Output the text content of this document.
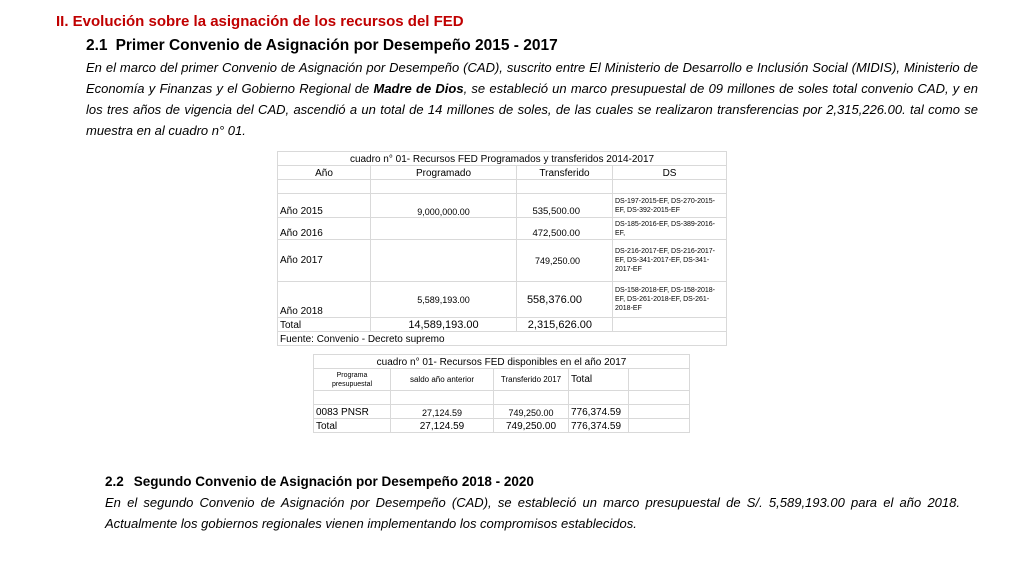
II. Evolución sobre la asignación de los recursos del FED
2.1 Primer Convenio de Asignación por Desempeño 2015 - 2017
En el marco del primer Convenio de Asignación por Desempeño (CAD), suscrito entre El Ministerio de Desarrollo e Inclusión Social (MIDIS), Ministerio de Economía y Finanzas y el Gobierno Regional de Madre de Dios, se estableció un marco presupuestal de 09 millones de soles total convenio CAD, y en los tres años de vigencia del CAD, ascendió a un total de 14 millones de soles, de las cuales se realizaron transferencias por 2,315,226.00. tal como se muestra en al cuadro n° 01.
cuadro n° 01- Recursos FED Programados y transferidos 2014-2017			
Año	Programado	Transferido	DS

Año 2015	9,000,000.00	535,500.00	DS-197-2015-EF, DS-270-2015-EF, DS-392-2015-EF
Año 2016		472,500.00	DS-185-2016-EF, DS-389-2016-EF,
Año 2017		749,250.00	DS-216-2017-EF, DS-216-2017-EF, DS-341-2017-EF, DS-341-2017-EF
Año 2018	5,589,193.00	558,376.00	DS-158-2018-EF, DS-158-2018-EF, DS-261-2018-EF, DS-261-2018-EF
Total	14,589,193.00	2,315,626.00	
Fuente: Convenio - Decreto supremo			
cuadro n° 01- Recursos FED disponibles en el año 2017				
Programa presupuestal	saldo año anterior	Transferido 2017	Total	

0083 PNSR	27,124.59	749,250.00	776,374.59	
Total	27,124.59	749,250.00	776,374.59	
2.2 Segundo Convenio de Asignación por Desempeño 2018 - 2020
En el segundo Convenio de Asignación por Desempeño (CAD), se estableció un marco presupuestal de S/. 5,589,193.00 para el año 2018. Actualmente los gobiernos regionales vienen implementando los compromisos establecidos.
